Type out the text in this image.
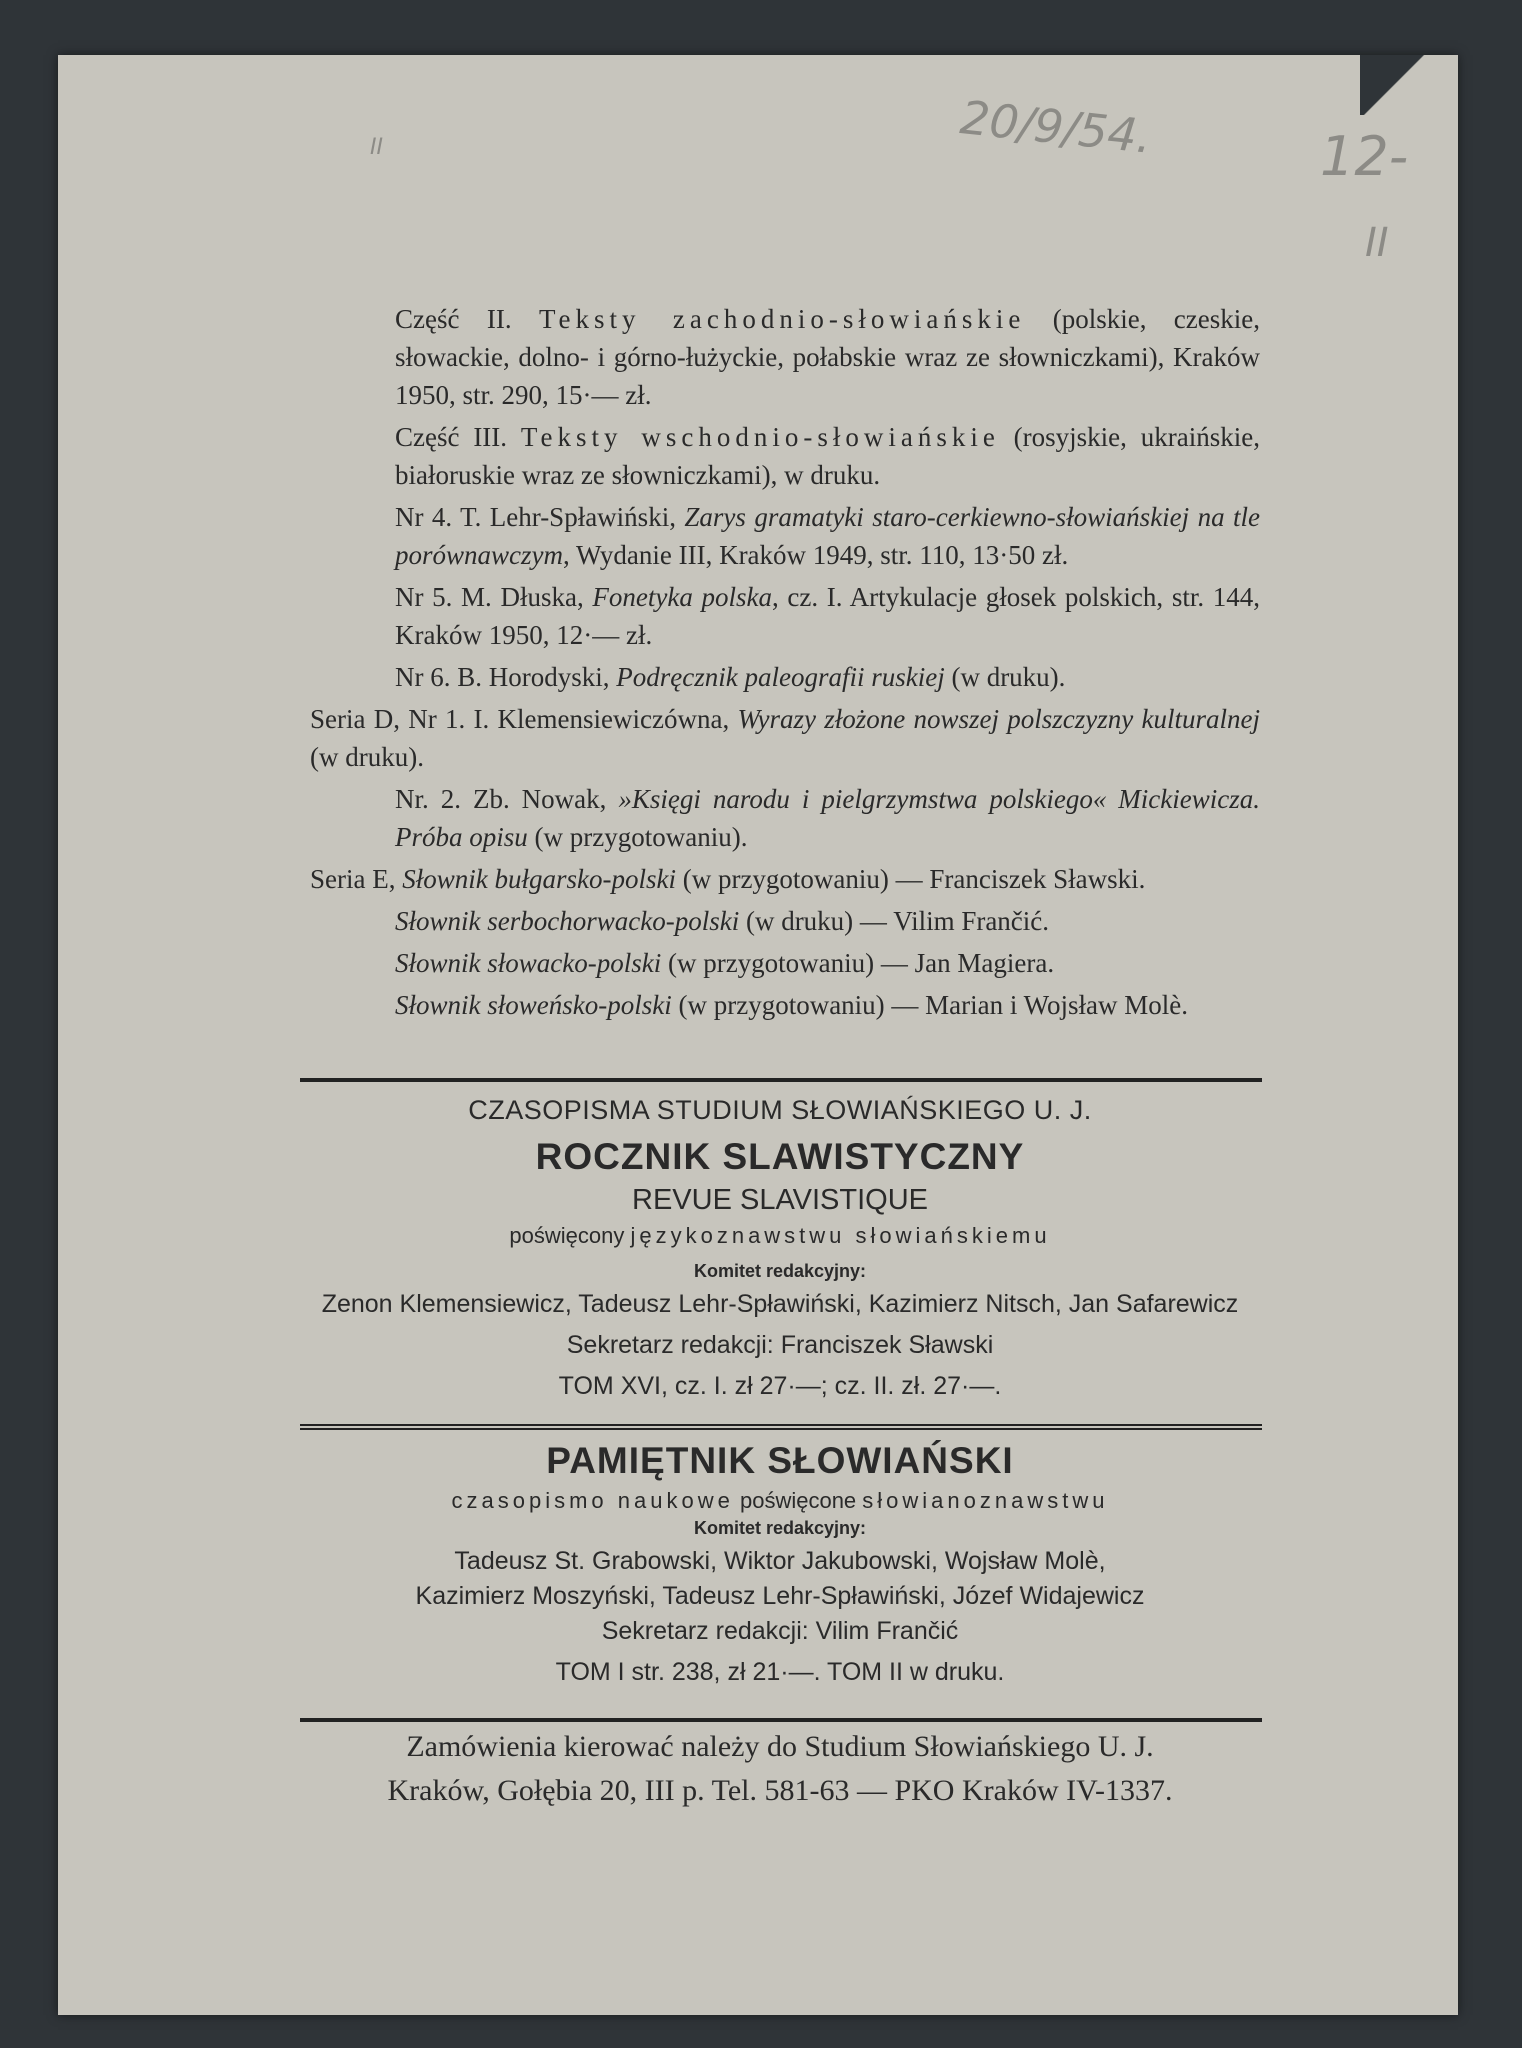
20/9/54.	12-
II
II

Część II. Teksty zachodnio-słowiańskie (polskie, czeskie, słowackie, dolno- i górno-łużyckie, połabskie wraz ze słowniczkami), Kraków 1950, str. 290, 15·— zł.

Część III. Teksty wschodnio-słowiańskie (rosyjskie, ukraińskie, białoruskie wraz ze słowniczkami), w druku.

Nr 4. T. Lehr-Spławiński, Zarys gramatyki staro-cerkiewno-słowiańskiej na tle porównawczym, Wydanie III, Kraków 1949, str. 110, 13·50 zł.

Nr 5. M. Dłuska, Fonetyka polska, cz. I. Artykulacje głosek polskich, str. 144, Kraków 1950, 12·— zł.

Nr 6. B. Horodyski, Podręcznik paleografii ruskiej (w druku).

Seria D, Nr 1. I. Klemensiewiczówna, Wyrazy złożone nowszej polszczyzny kulturalnej (w druku).

Nr. 2. Zb. Nowak, »Księgi narodu i pielgrzymstwa polskiego« Mickiewicza. Próba opisu (w przygotowaniu).

Seria E, Słownik bułgarsko-polski (w przygotowaniu) — Franciszek Sławski.

Słownik serbochorwacko-polski (w druku) — Vilim Frančić.

Słownik słowacko-polski (w przygotowaniu) — Jan Magiera.

Słownik słoweńsko-polski (w przygotowaniu) — Marian i Wojsław Molè.

CZASOPISMA STUDIUM SŁOWIAŃSKIEGO U. J.
ROCZNIK SLAWISTYCZNY
REVUE SLAVISTIQUE
poświęcony językoznawstwu słowiańskiemu
Komitet redakcyjny:
Zenon Klemensiewicz, Tadeusz Lehr-Spławiński, Kazimierz Nitsch, Jan Safarewicz
Sekretarz redakcji: Franciszek Sławski
TOM XVI, cz. I. zł 27·—; cz. II. zł. 27·—.
PAMIĘTNIK SŁOWIAŃSKI
czasopismo naukowe poświęcone słowianoznawstwu
Komitet redakcyjny:
Tadeusz St. Grabowski, Wiktor Jakubowski, Wojsław Molè,
Kazimierz Moszyński, Tadeusz Lehr-Spławiński, Józef Widajewicz
Sekretarz redakcji: Vilim Frančić
TOM I str. 238, zł 21·—. TOM II w druku.
Zamówienia kierować należy do Studium Słowiańskiego U. J.
Kraków, Gołębia 20, III p. Tel. 581-63 — PKO Kraków IV-1337.
